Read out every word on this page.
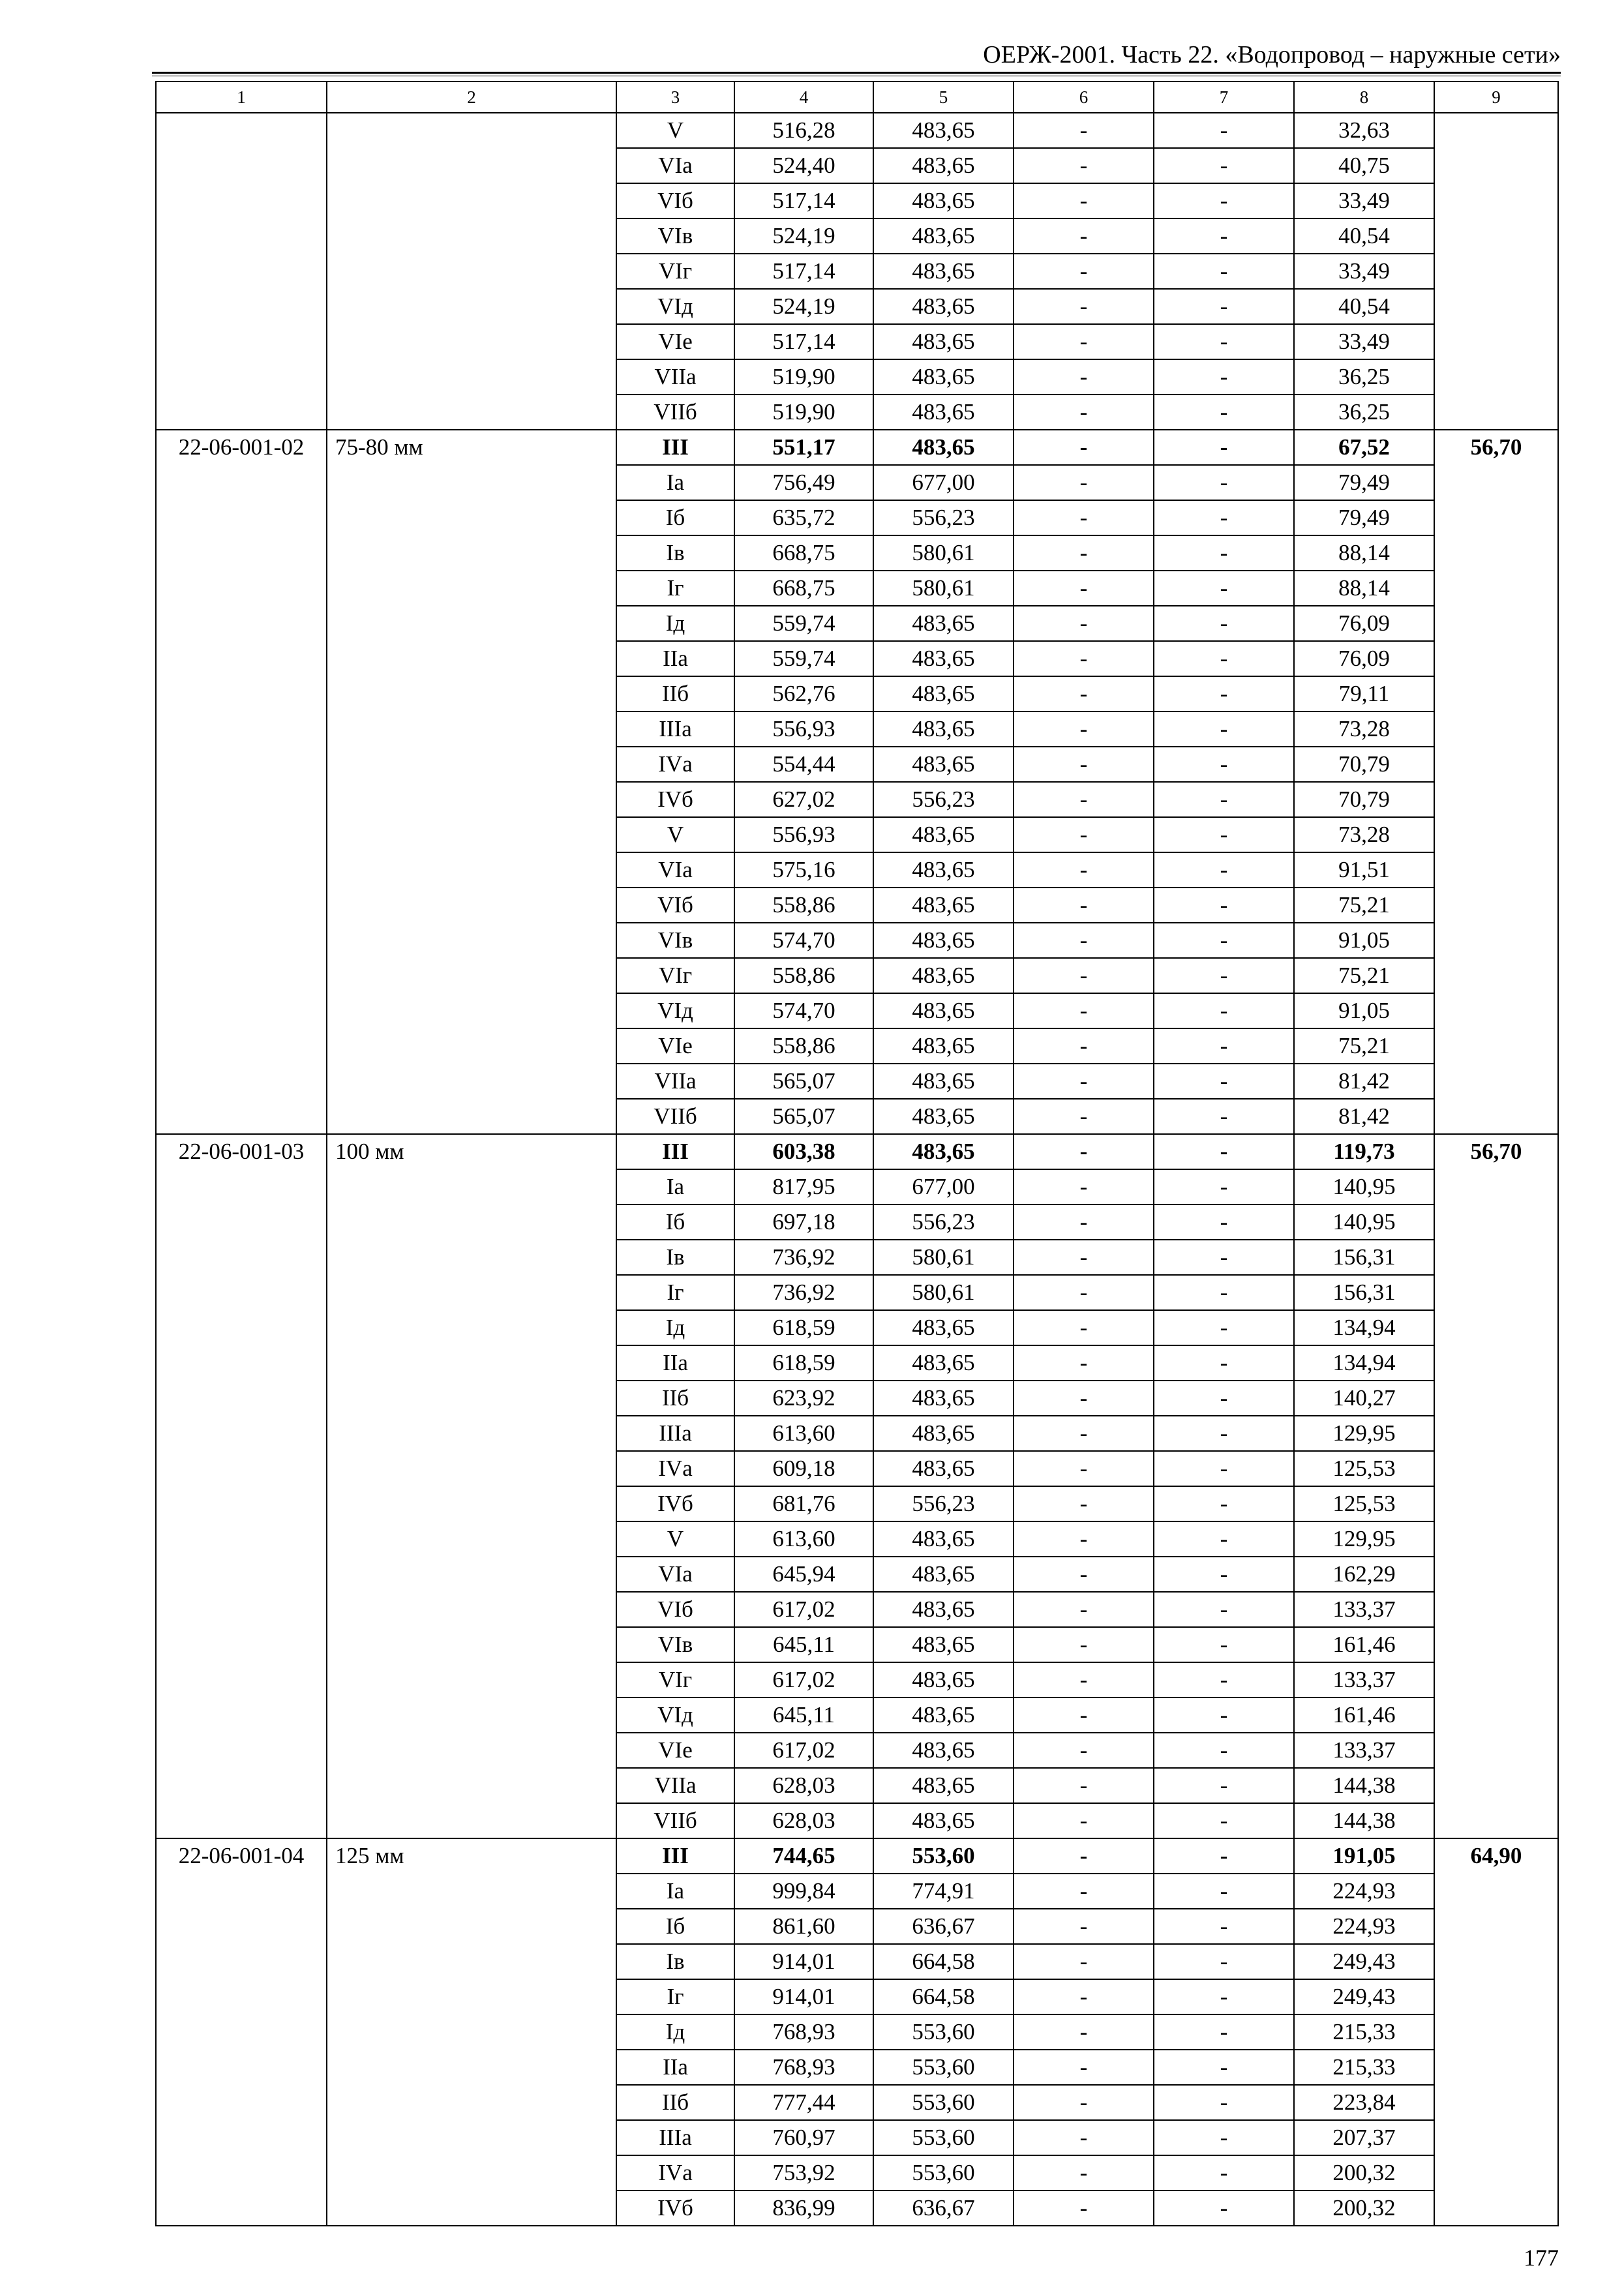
ОЕРЖ-2001. Часть 22. «Водопровод – наружные сети»
1	2	3	4	5	6	7	8	9
		V	516,28	483,65	-	-	32,63	
		VIа	524,40	483,65	-	-	40,75	
		VIб	517,14	483,65	-	-	33,49	
		VIв	524,19	483,65	-	-	40,54	
		VIг	517,14	483,65	-	-	33,49	
		VIд	524,19	483,65	-	-	40,54	
		VIе	517,14	483,65	-	-	33,49	
		VIIа	519,90	483,65	-	-	36,25	
		VIIб	519,90	483,65	-	-	36,25	
22-06-001-02	75-80 мм	III	551,17	483,65	-	-	67,52	56,70
		Iа	756,49	677,00	-	-	79,49	
		Iб	635,72	556,23	-	-	79,49	
		Iв	668,75	580,61	-	-	88,14	
		Iг	668,75	580,61	-	-	88,14	
		Iд	559,74	483,65	-	-	76,09	
		IIа	559,74	483,65	-	-	76,09	
		IIб	562,76	483,65	-	-	79,11	
		IIIа	556,93	483,65	-	-	73,28	
		IVа	554,44	483,65	-	-	70,79	
		IVб	627,02	556,23	-	-	70,79	
		V	556,93	483,65	-	-	73,28	
		VIа	575,16	483,65	-	-	91,51	
		VIб	558,86	483,65	-	-	75,21	
		VIв	574,70	483,65	-	-	91,05	
		VIг	558,86	483,65	-	-	75,21	
		VIд	574,70	483,65	-	-	91,05	
		VIе	558,86	483,65	-	-	75,21	
		VIIа	565,07	483,65	-	-	81,42	
		VIIб	565,07	483,65	-	-	81,42	
22-06-001-03	100 мм	III	603,38	483,65	-	-	119,73	56,70
		Iа	817,95	677,00	-	-	140,95	
		Iб	697,18	556,23	-	-	140,95	
		Iв	736,92	580,61	-	-	156,31	
		Iг	736,92	580,61	-	-	156,31	
		Iд	618,59	483,65	-	-	134,94	
		IIа	618,59	483,65	-	-	134,94	
		IIб	623,92	483,65	-	-	140,27	
		IIIа	613,60	483,65	-	-	129,95	
		IVа	609,18	483,65	-	-	125,53	
		IVб	681,76	556,23	-	-	125,53	
		V	613,60	483,65	-	-	129,95	
		VIа	645,94	483,65	-	-	162,29	
		VIб	617,02	483,65	-	-	133,37	
		VIв	645,11	483,65	-	-	161,46	
		VIг	617,02	483,65	-	-	133,37	
		VIд	645,11	483,65	-	-	161,46	
		VIе	617,02	483,65	-	-	133,37	
		VIIа	628,03	483,65	-	-	144,38	
		VIIб	628,03	483,65	-	-	144,38	
22-06-001-04	125 мм	III	744,65	553,60	-	-	191,05	64,90
		Iа	999,84	774,91	-	-	224,93	
		Iб	861,60	636,67	-	-	224,93	
		Iв	914,01	664,58	-	-	249,43	
		Iг	914,01	664,58	-	-	249,43	
		Iд	768,93	553,60	-	-	215,33	
		IIа	768,93	553,60	-	-	215,33	
		IIб	777,44	553,60	-	-	223,84	
		IIIа	760,97	553,60	-	-	207,37	
		IVа	753,92	553,60	-	-	200,32	
		IVб	836,99	636,67	-	-	200,32	
177
